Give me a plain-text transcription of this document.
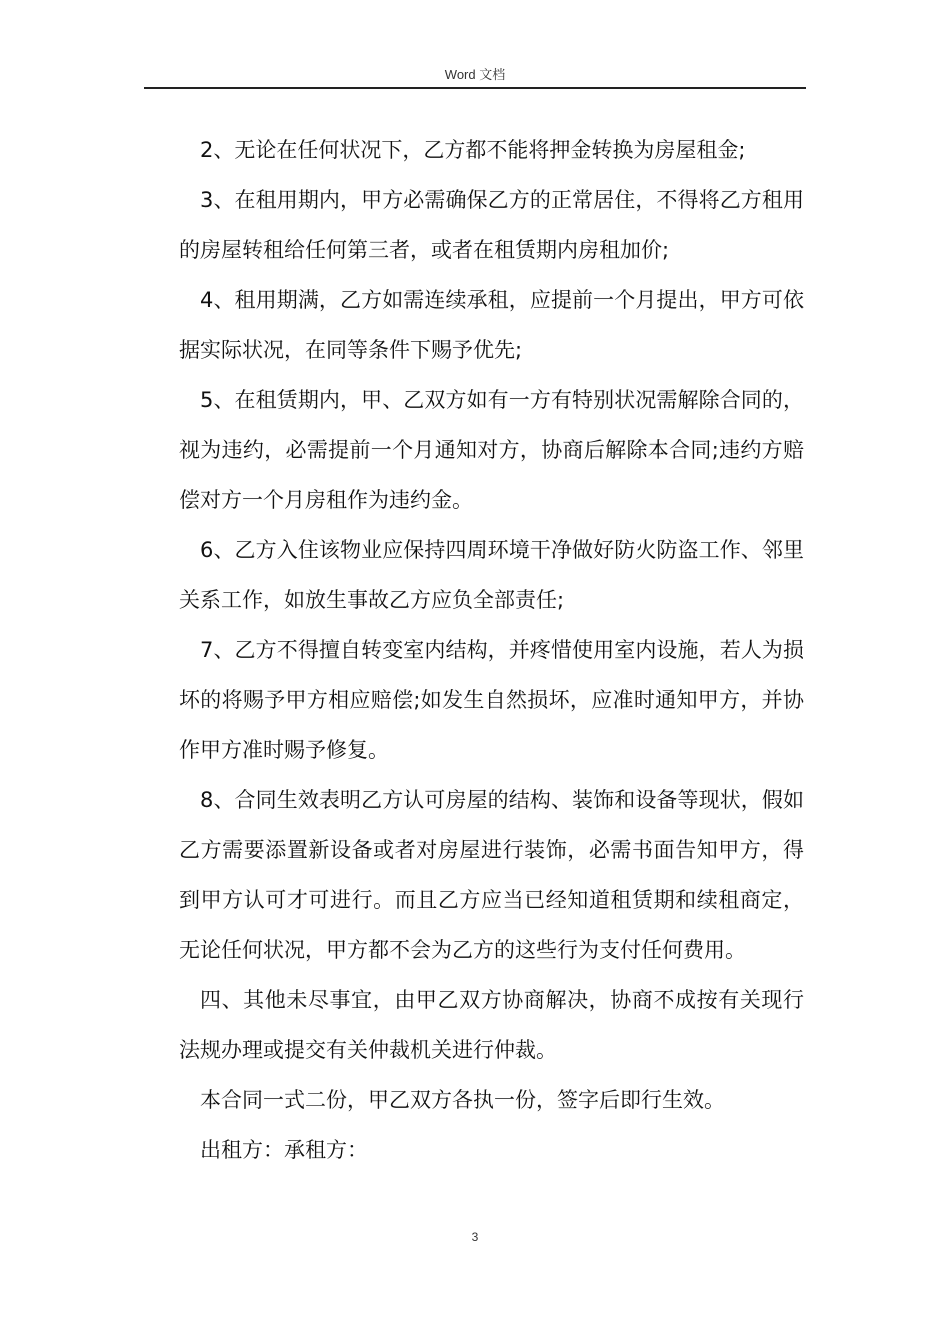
Word 文档

2、无论在任何状况下，乙方都不能将押金转换为房屋租金;

3、在租用期内，甲方必需确保乙方的正常居住，不得将乙方租用的房屋转租给任何第三者，或者在租赁期内房租加价;

4、租用期满，乙方如需连续承租，应提前一个月提出，甲方可依据实际状况，在同等条件下赐予优先;

5、在租赁期内，甲、乙双方如有一方有特别状况需解除合同的，视为违约，必需提前一个月通知对方，协商后解除本合同;违约方赔偿对方一个月房租作为违约金。

6、乙方入住该物业应保持四周环境干净做好防火防盗工作、邻里关系工作，如放生事故乙方应负全部责任;

7、乙方不得擅自转变室内结构，并疼惜使用室内设施，若人为损坏的将赐予甲方相应赔偿;如发生自然损坏，应准时通知甲方，并协作甲方准时赐予修复。

8、合同生效表明乙方认可房屋的结构、装饰和设备等现状，假如乙方需要添置新设备或者对房屋进行装饰，必需书面告知甲方，得到甲方认可才可进行。而且乙方应当已经知道租赁期和续租商定，无论任何状况，甲方都不会为乙方的这些行为支付任何费用。

四、其他未尽事宜，由甲乙双方协商解决，协商不成按有关现行法规办理或提交有关仲裁机关进行仲裁。

本合同一式二份，甲乙双方各执一份，签字后即行生效。

出租方：承租方：

3
